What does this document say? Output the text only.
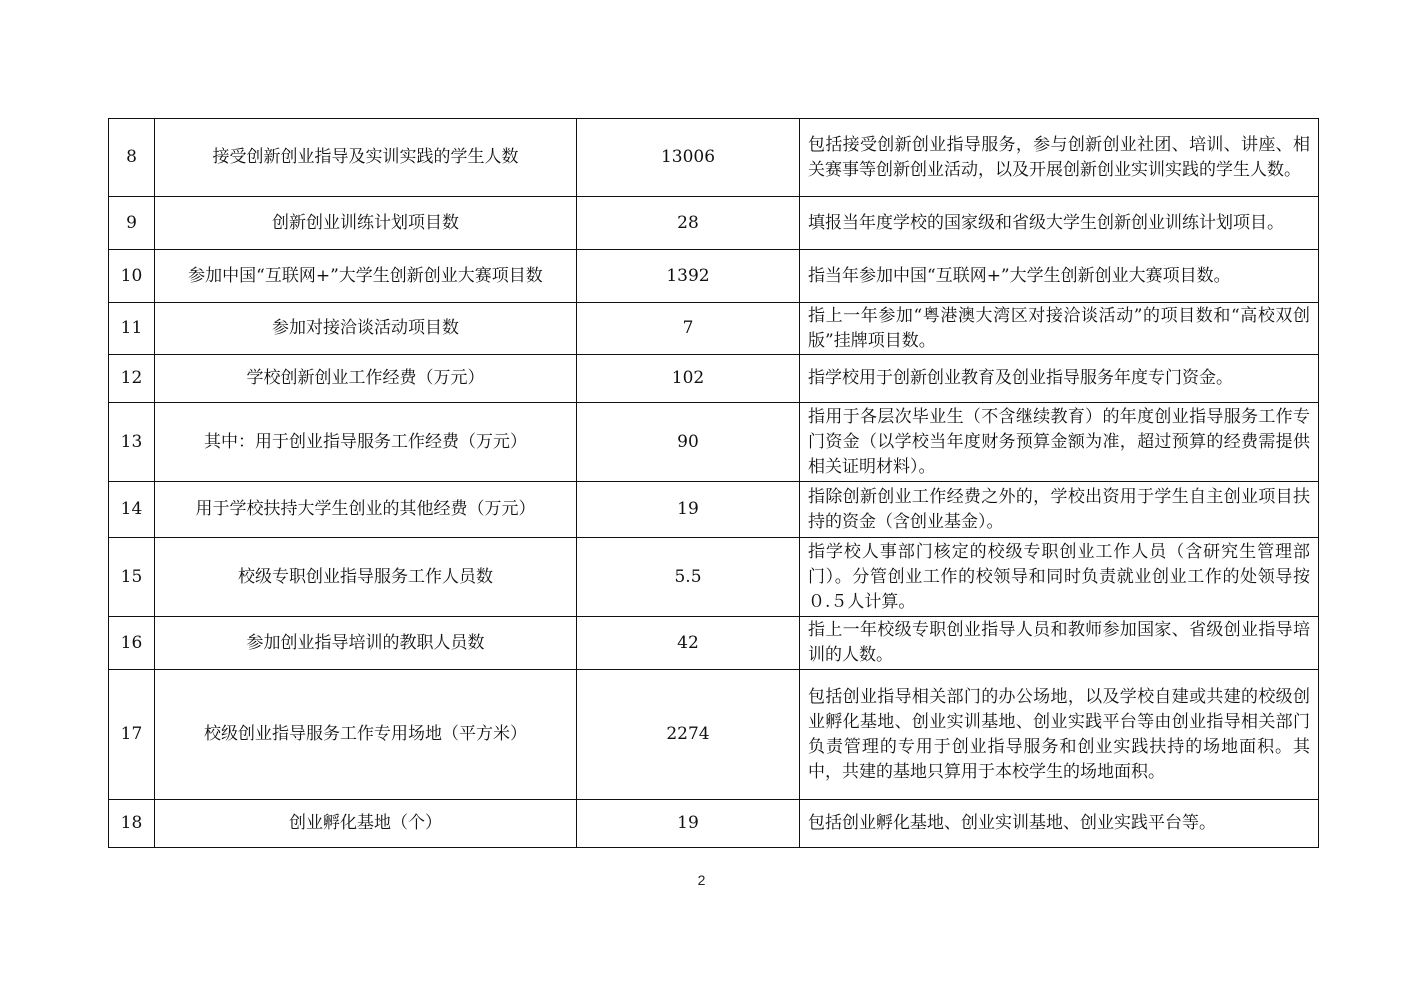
8	接受创新创业指导及实训实践的学生人数	13006	包括接受创新创业指导服务，参与创新创业社团、培训、讲座、相关赛事等创新创业活动，以及开展创新创业实训实践的学生人数。
9	创新创业训练计划项目数	28	填报当年度学校的国家级和省级大学生创新创业训练计划项目。
10	参加中国“互联网+”大学生创新创业大赛项目数	1392	指当年参加中国“互联网+”大学生创新创业大赛项目数。
11	参加对接洽谈活动项目数	7	指上一年参加“粤港澳大湾区对接洽谈活动”的项目数和“高校双创版”挂牌项目数。
12	学校创新创业工作经费（万元）	102	指学校用于创新创业教育及创业指导服务年度专门资金。
13	其中：用于创业指导服务工作经费（万元）	90	指用于各层次毕业生（不含继续教育）的年度创业指导服务工作专门资金（以学校当年度财务预算金额为准，超过预算的经费需提供相关证明材料）。
14	用于学校扶持大学生创业的其他经费（万元）	19	指除创新创业工作经费之外的，学校出资用于学生自主创业项目扶持的资金（含创业基金）。
15	校级专职创业指导服务工作人员数	5.5	指学校人事部门核定的校级专职创业工作人员（含研究生管理部门）。分管创业工作的校领导和同时负责就业创业工作的处领导按０.５人计算。
16	参加创业指导培训的教职人员数	42	指上一年校级专职创业指导人员和教师参加国家、省级创业指导培训的人数。
17	校级创业指导服务工作专用场地（平方米）	2274	包括创业指导相关部门的办公场地，以及学校自建或共建的校级创业孵化基地、创业实训基地、创业实践平台等由创业指导相关部门负责管理的专用于创业指导服务和创业实践扶持的场地面积。其中，共建的基地只算用于本校学生的场地面积。
18	创业孵化基地（个）	19	包括创业孵化基地、创业实训基地、创业实践平台等。
2
